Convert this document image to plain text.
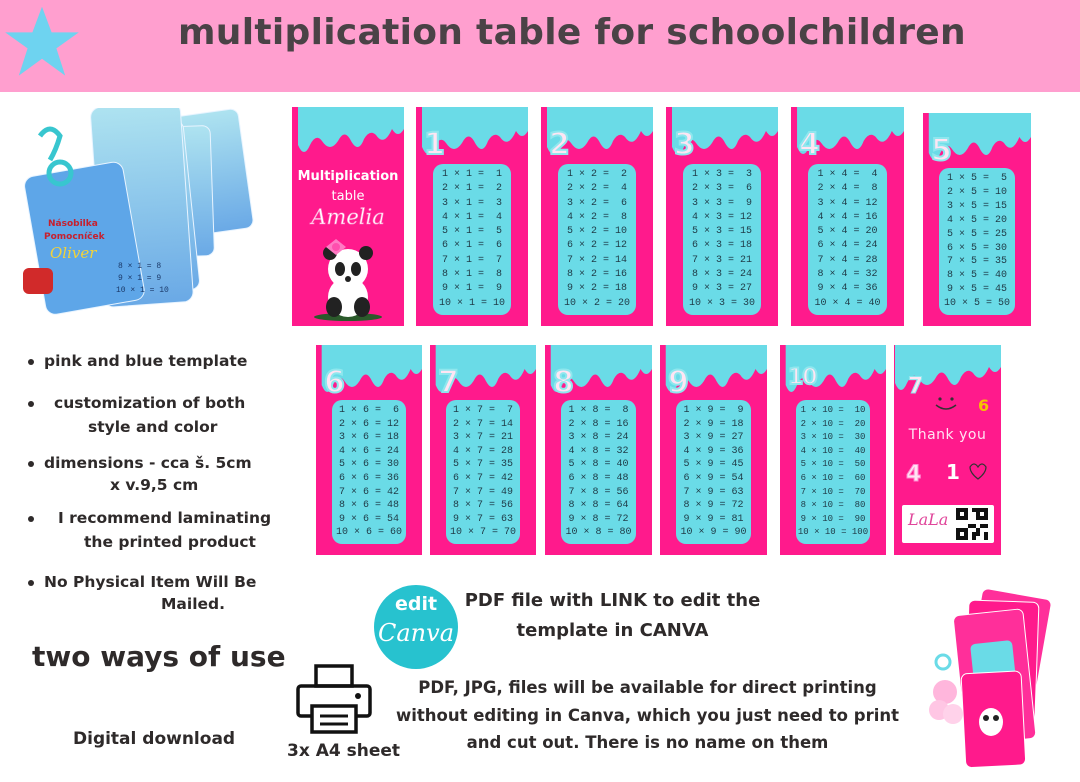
multiplication table for schoolchildren
8 × 1 = 8
9 × 1 = 9
10 × 1 = 10
Násobilka
Pomocníček
Oliver
Multiplication
table
Amelia
1
1 × 1 =  1
2 × 1 =  2
3 × 1 =  3
4 × 1 =  4
5 × 1 =  5
6 × 1 =  6
7 × 1 =  7
8 × 1 =  8
9 × 1 =  9
10 × 1 = 10
2
1 × 2 =  2
2 × 2 =  4
3 × 2 =  6
4 × 2 =  8
5 × 2 = 10
6 × 2 = 12
7 × 2 = 14
8 × 2 = 16
9 × 2 = 18
10 × 2 = 20
3
1 × 3 =  3
2 × 3 =  6
3 × 3 =  9
4 × 3 = 12
5 × 3 = 15
6 × 3 = 18
7 × 3 = 21
8 × 3 = 24
9 × 3 = 27
10 × 3 = 30
4
1 × 4 =  4
2 × 4 =  8
3 × 4 = 12
4 × 4 = 16
5 × 4 = 20
6 × 4 = 24
7 × 4 = 28
8 × 4 = 32
9 × 4 = 36
10 × 4 = 40
5
1 × 5 =  5
2 × 5 = 10
3 × 5 = 15
4 × 5 = 20
5 × 5 = 25
6 × 5 = 30
7 × 5 = 35
8 × 5 = 40
9 × 5 = 45
10 × 5 = 50
6
1 × 6 =  6
2 × 6 = 12
3 × 6 = 18
4 × 6 = 24
5 × 6 = 30
6 × 6 = 36
7 × 6 = 42
8 × 6 = 48
9 × 6 = 54
10 × 6 = 60
7
1 × 7 =  7
2 × 7 = 14
3 × 7 = 21
4 × 7 = 28
5 × 7 = 35
6 × 7 = 42
7 × 7 = 49
8 × 7 = 56
9 × 7 = 63
10 × 7 = 70
8
1 × 8 =  8
2 × 8 = 16
3 × 8 = 24
4 × 8 = 32
5 × 8 = 40
6 × 8 = 48
7 × 8 = 56
8 × 8 = 64
9 × 8 = 72
10 × 8 = 80
9
1 × 9 =  9
2 × 9 = 18
3 × 9 = 27
4 × 9 = 36
5 × 9 = 45
6 × 9 = 54
7 × 9 = 63
8 × 9 = 72
9 × 9 = 81
10 × 9 = 90
10
1 × 10 =  10
2 × 10 =  20
3 × 10 =  30
4 × 10 =  40
5 × 10 =  50
6 × 10 =  60
7 × 10 =  70
8 × 10 =  80
9 × 10 =  90
10 × 10 = 100
7
6
Thank you
4 1
LaLa
pink and blue template
customization of both
style and color
dimensions - cca š. 5cm
x v.9,5 cm
I recommend laminating
the printed product
No Physical Item Will Be
Mailed.
two ways of use
Digital download
3x A4 sheet
edit
Canva
PDF file with LINK to edit the
template in CANVA
PDF, JPG, files will be available for direct printing
without editing in Canva, which you just need to print
and cut out. There is no name on them
